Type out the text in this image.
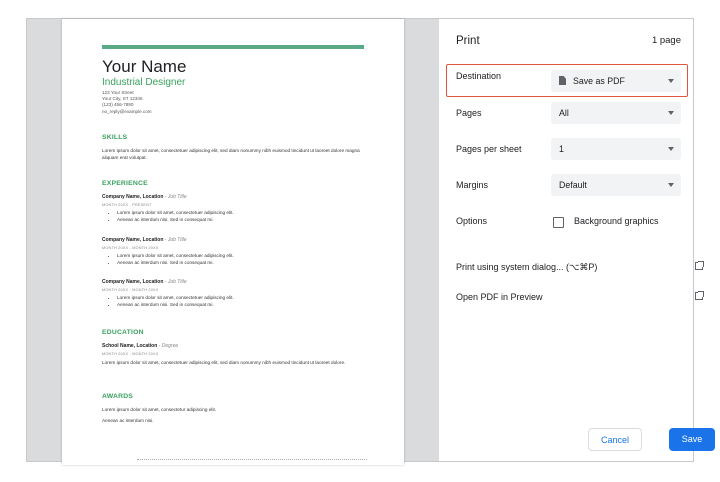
Your Name
Industrial Designer
123 Your Street
Your City, ST 12345
(123) 456-7890
no_reply@example.com
SKILLS
Lorem ipsum dolor sit amet, consectetuer adipiscing elit, sed diam nonummy nibh euismod tincidunt ut laoreet dolore magna aliquam erat volutpat.
EXPERIENCE
Company Name, Location - Job Title
MONTH 20XX - PRESENT
• Lorem ipsum dolor sit amet, consectetuer adipiscing elit.
• Aenean ac interdum nisi. Sed in consequat mi.
Company Name, Location - Job Title
MONTH 20XX - MONTH 20XX
• Lorem ipsum dolor sit amet, consectetuer adipiscing elit.
• Aenean ac interdum nisi. Sed in consequat mi.
Company Name, Location - Job Title
MONTH 20XX - MONTH 20XX
• Lorem ipsum dolor sit amet, consectetuer adipiscing elit.
• Aenean ac interdum nisi. Sed in consequat mi.
EDUCATION
School Name, Location - Degree
MONTH 20XX - MONTH 20XX
Lorem ipsum dolor sit amet, consectetuer adipiscing elit, sed diam nonummy nibh euismod tincidunt ut laoreet dolore.
AWARDS
Lorem ipsum dolor sit amet, consectetur adipiscing elit.
Aenean ac interdum nisi.
Print	1 page
Destination	Save as PDF
Pages	All
Pages per sheet	1
Margins	Default
Options	Background graphics
Print using system dialog... (⌥⌘P)
Open PDF in Preview
Cancel	Save
